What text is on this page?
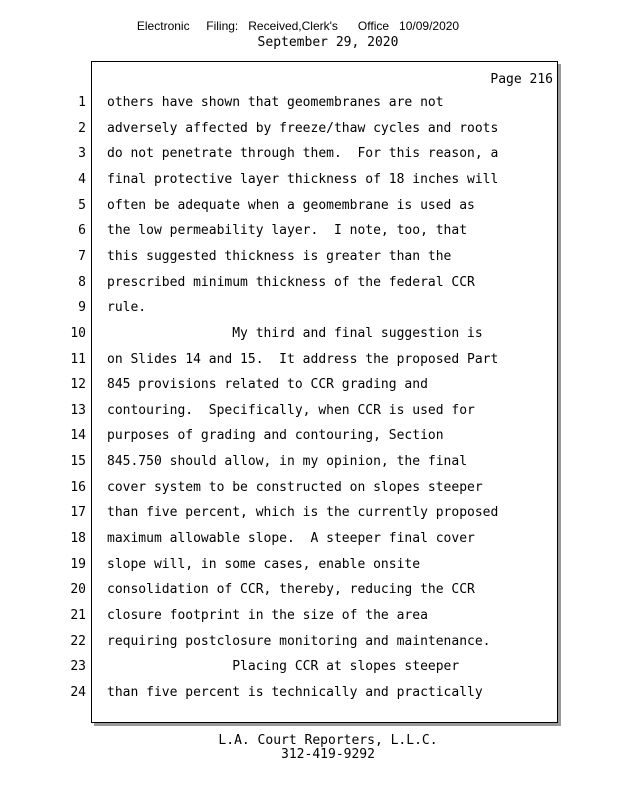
Electronic     Filing:   Received,Clerk's      Office   10/09/2020
September 29, 2020
Page 216
1 others have shown that geomembranes are not
2 adversely affected by freeze/thaw cycles and roots
3 do not penetrate through them.  For this reason, a
4 final protective layer thickness of 18 inches will
5 often be adequate when a geomembrane is used as
6 the low permeability layer.  I note, too, that
7 this suggested thickness is greater than the
8 prescribed minimum thickness of the federal CCR
9 rule.
10 My third and final suggestion is
11 on Slides 14 and 15.  It address the proposed Part
12 845 provisions related to CCR grading and
13 contouring.  Specifically, when CCR is used for
14 purposes of grading and contouring, Section
15 845.750 should allow, in my opinion, the final
16 cover system to be constructed on slopes steeper
17 than five percent, which is the currently proposed
18 maximum allowable slope.  A steeper final cover
19 slope will, in some cases, enable onsite
20 consolidation of CCR, thereby, reducing the CCR
21 closure footprint in the size of the area
22 requiring postclosure monitoring and maintenance.
23 Placing CCR at slopes steeper
24 than five percent is technically and practically
L.A. Court Reporters, L.L.C.
312-419-9292
